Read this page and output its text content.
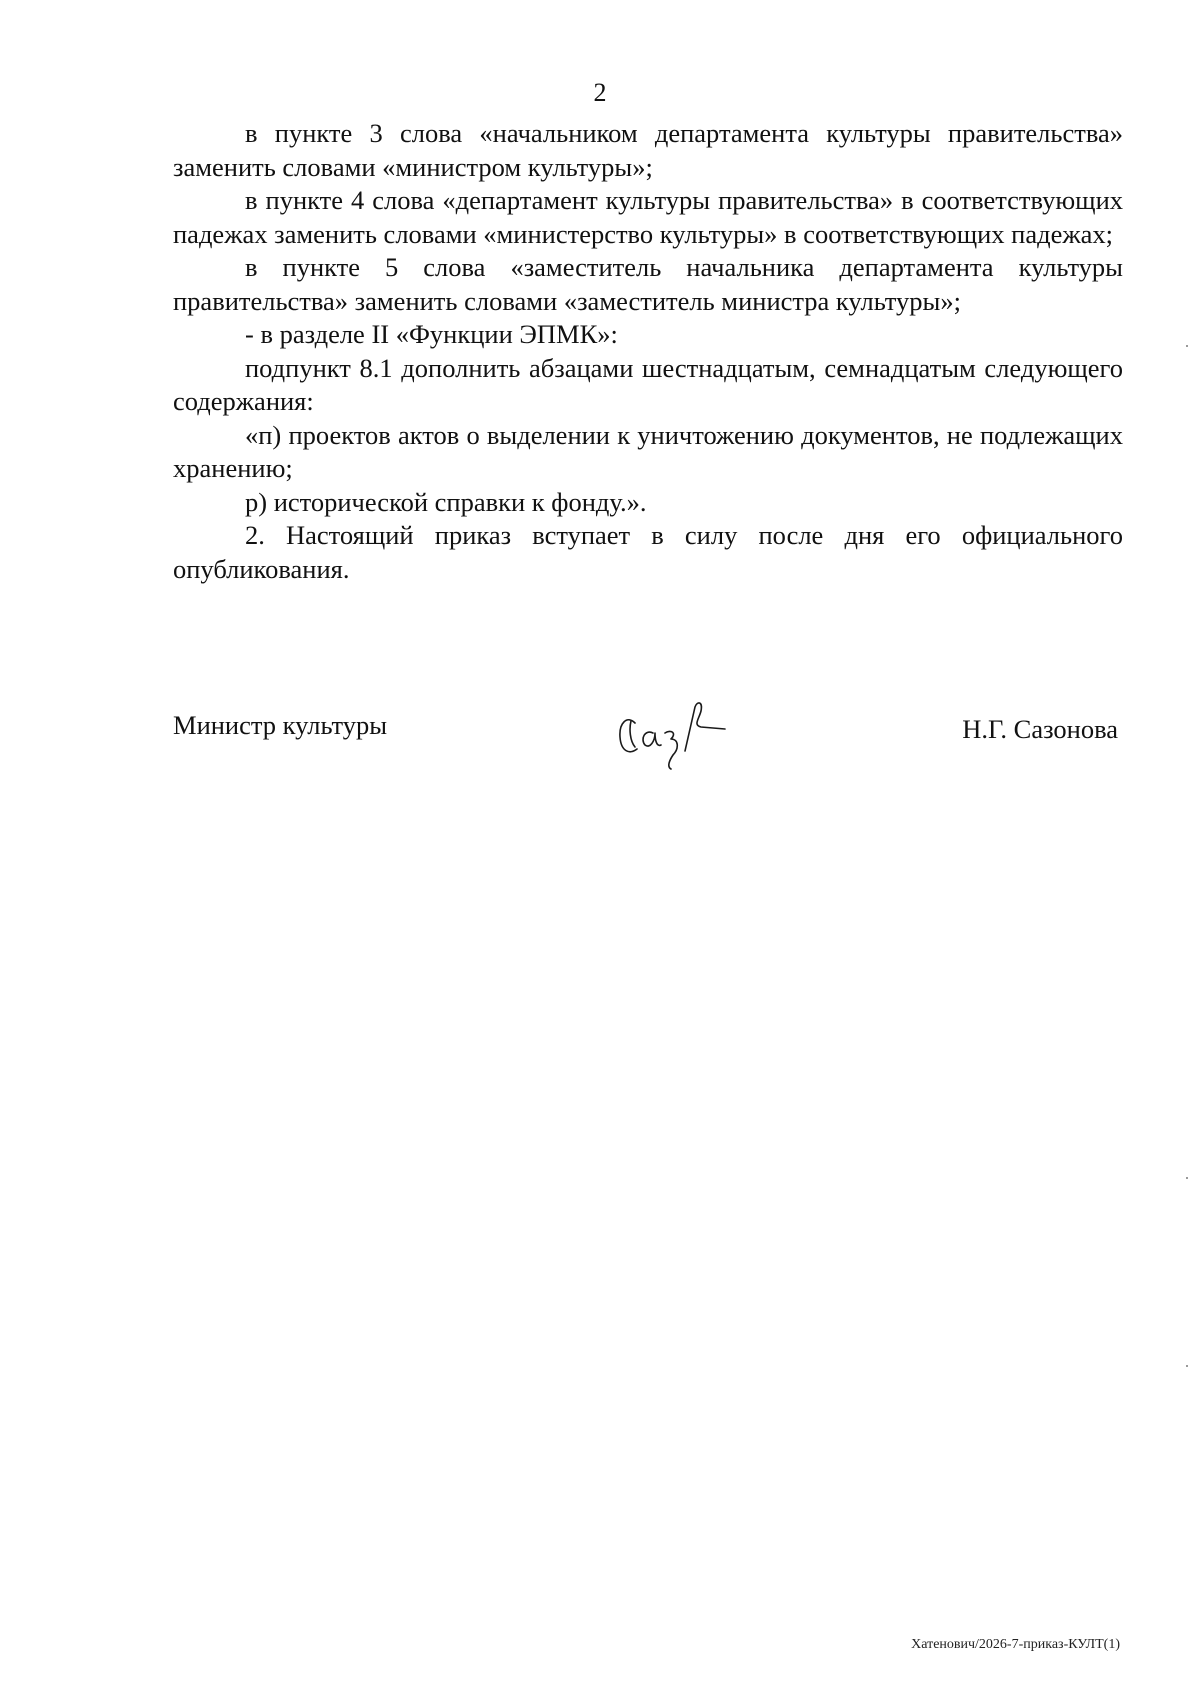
2

в пункте 3 слова «начальником департамента культуры правительства» заменить словами «министром культуры»;

в пункте 4 слова «департамент культуры правительства» в соответствующих падежах заменить словами «министерство культуры» в соответствующих падежах;

в пункте 5 слова «заместитель начальника департамента культуры правительства» заменить словами «заместитель министра культуры»;

- в разделе II «Функции ЭПМК»:

подпункт 8.1 дополнить абзацами шестнадцатым, семнадцатым следующего содержания:

«п) проектов актов о выделении к уничтожению документов, не подлежащих хранению;

р) исторической справки к фонду.».

2. Настоящий приказ вступает в силу после дня его официального опубликования.

Министр культуры	Н.Г. Сазонова
Хатенович/2026-7-приказ-КУЛТ(1)
